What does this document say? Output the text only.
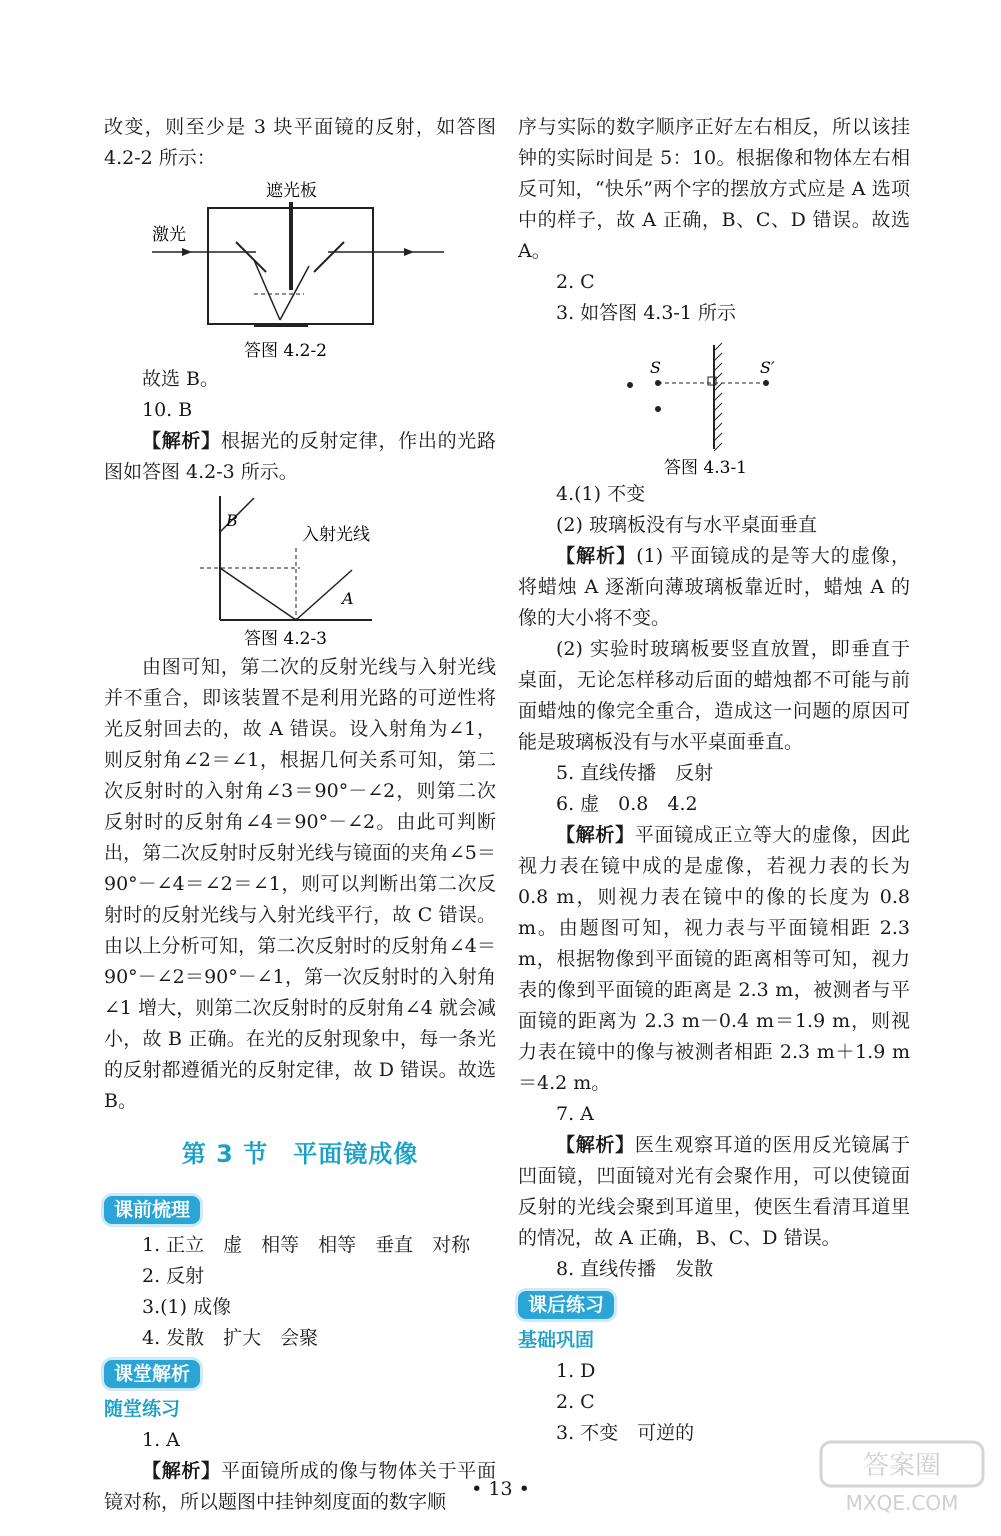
改变，则至少是 3 块平面镜的反射，如答图 4.2-2 所示：

遮光板
激光
答图 4.2-2

故选 B。

10. B

【解析】根据光的反射定律，作出的光路图如答图 4.2-3 所示。

B
A
入射光线
答图 4.2-3

由图可知，第二次的反射光线与入射光线并不重合，即该装置不是利用光路的可逆性将光反射回去的，故 A 错误。设入射角为∠1，则反射角∠2＝∠1，根据几何关系可知，第二次反射时的入射角∠3＝90°－∠2，则第二次反射时的反射角∠4＝90°－∠2。由此可判断出，第二次反射时反射光线与镜面的夹角∠5＝90°－∠4＝∠2＝∠1，则可以判断出第二次反射时的反射光线与入射光线平行，故 C 错误。由以上分析可知，第二次反射时的反射角∠4＝90°－∠2＝90°－∠1，第一次反射时的入射角∠1 增大，则第二次反射时的反射角∠4 就会减小，故 B 正确。在光的反射现象中，每一条光的反射都遵循光的反射定律，故 D 错误。故选 B。

第 3 节　平面镜成像

课前梳理

1. 正立　虚　相等　相等　垂直　对称

2. 反射

3.(1) 成像

4. 发散　扩大　会聚

课堂解析

随堂练习

1. A

【解析】平面镜所成的像与物体关于平面镜对称，所以题图中挂钟刻度面的数字顺

序与实际的数字顺序正好左右相反，所以该挂钟的实际时间是 5：10。根据像和物体左右相反可知，“快乐”两个字的摆放方式应是 A 选项中的样子，故 A 正确，B、C、D 错误。故选 A。

2. C

3. 如答图 4.3-1 所示

S	S′
答图 4.3-1

4.(1) 不变

(2) 玻璃板没有与水平桌面垂直

【解析】(1) 平面镜成的是等大的虚像，将蜡烛 A 逐渐向薄玻璃板靠近时，蜡烛 A 的像的大小将不变。

(2) 实验时玻璃板要竖直放置，即垂直于桌面，无论怎样移动后面的蜡烛都不可能与前面蜡烛的像完全重合，造成这一问题的原因可能是玻璃板没有与水平桌面垂直。

5. 直线传播　反射

6. 虚　0.8　4.2

【解析】平面镜成正立等大的虚像，因此视力表在镜中成的是虚像，若视力表的长为 0.8 m，则视力表在镜中的像的长度为 0.8 m。由题图可知，视力表与平面镜相距 2.3 m，根据物像到平面镜的距离相等可知，视力表的像到平面镜的距离是 2.3 m，被测者与平面镜的距离为 2.3 m－0.4 m＝1.9 m，则视力表在镜中的像与被测者相距 2.3 m＋1.9 m＝4.2 m。

7. A

【解析】医生观察耳道的医用反光镜属于凹面镜，凹面镜对光有会聚作用，可以使镜面反射的光线会聚到耳道里，使医生看清耳道里的情况，故 A 正确，B、C、D 错误。

8. 直线传播　发散

课后练习

基础巩固

1. D

2. C

3. 不变　可逆的

• 13 •
答案圈
MXQE.COM
